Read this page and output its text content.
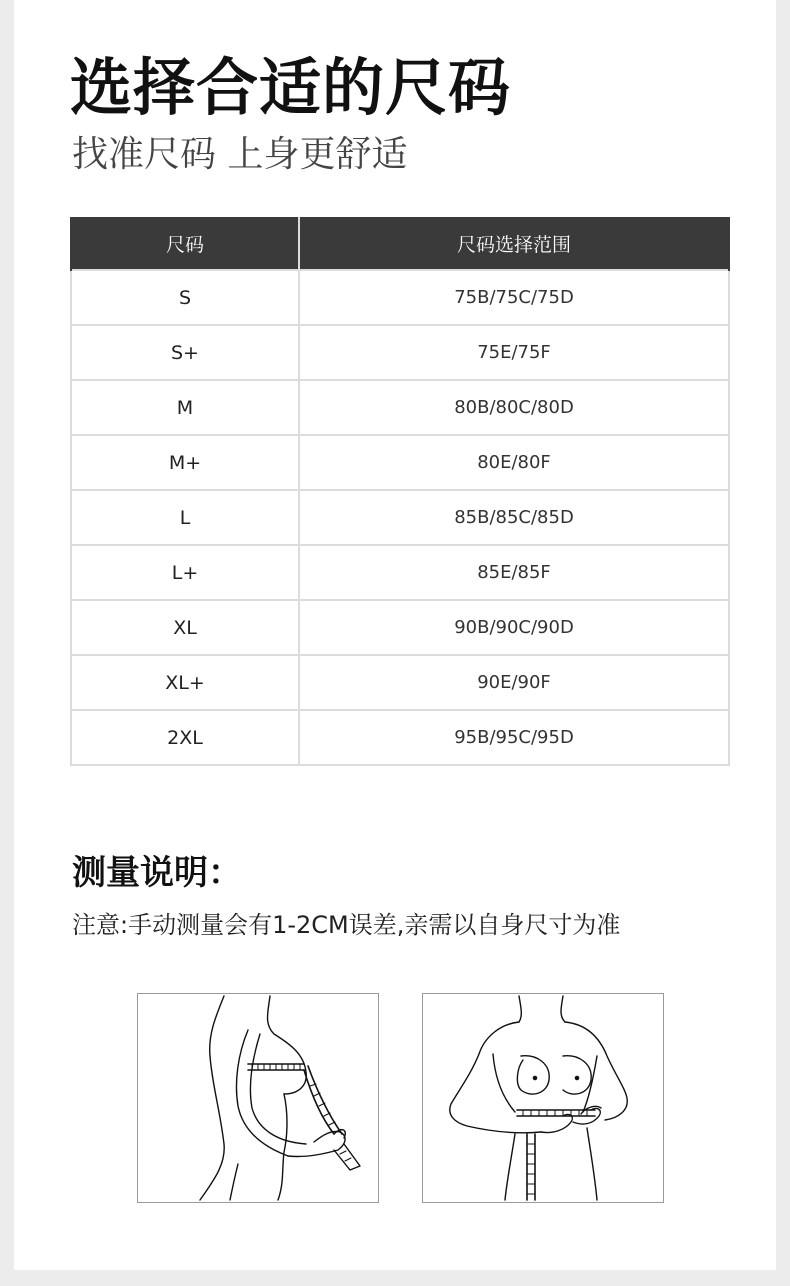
选择合适的尺码
找准尺码 上身更舒适
尺码	尺码选择范围
S	75B/75C/75D
S+	75E/75F
M	80B/80C/80D
M+	80E/80F
L	85B/85C/85D
L+	85E/85F
XL	90B/90C/90D
XL+	90E/90F
2XL	95B/95C/95D
测量说明：
注意:手动测量会有1-2CM误差,亲需以自身尺寸为准
